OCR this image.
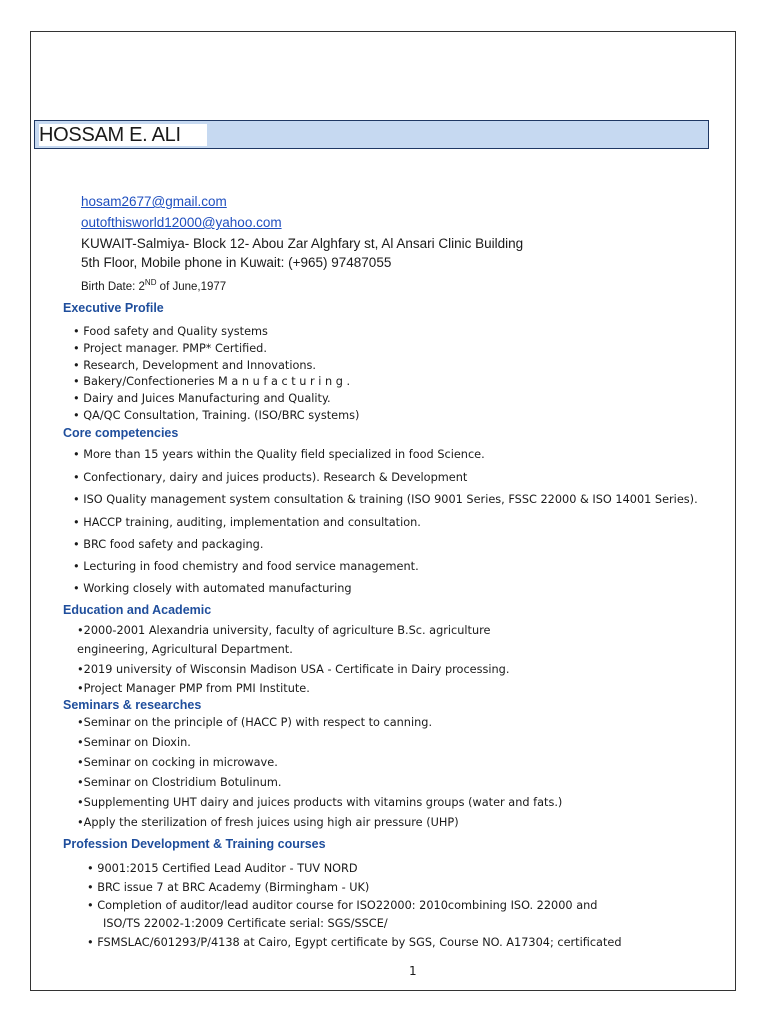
HOSSAM E. ALI
hosam2677@gmail.com
outofthisworld12000@yahoo.com
KUWAIT-Salmiya- Block 12- Abou Zar Alghfary st, Al Ansari Clinic Building
5th Floor, Mobile phone in Kuwait: (+965) 97487055
Birth Date: 2ND of June,1977
Executive Profile
• Food safety and Quality systems
• Project manager. PMP* Certified.
• Research, Development and Innovations.
• Bakery/Confectioneries M a n u f a c t u r i n g .
• Dairy and Juices Manufacturing and Quality.
• QA/QC Consultation, Training. (ISO/BRC systems)
Core competencies
• More than 15 years within the Quality field specialized in food Science.
• Confectionary, dairy and juices products). Research & Development
• ISO Quality management system consultation & training (ISO 9001 Series, FSSC 22000 & ISO 14001 Series).
• HACCP training, auditing, implementation and consultation.
• BRC food safety and packaging.
• Lecturing in food chemistry and food service management.
• Working closely with automated manufacturing
Education and Academic
•2000-2001 Alexandria university, faculty of agriculture B.Sc. agriculture
engineering, Agricultural Department.
•2019 university of Wisconsin Madison USA - Certificate in Dairy processing.
•Project Manager PMP from PMI Institute.
Seminars & researches
•Seminar on the principle of (HACC P) with respect to canning.
•Seminar on Dioxin.
•Seminar on cocking in microwave.
•Seminar on Clostridium Botulinum.
•Supplementing UHT dairy and juices products with vitamins groups (water and fats.)
•Apply the sterilization of fresh juices using high air pressure (UHP)
Profession Development & Training courses
• 9001:2015 Certified Lead Auditor - TUV NORD
• BRC issue 7 at BRC Academy (Birmingham - UK)
• Completion of auditor/lead auditor course for ISO22000: 2010combining ISO. 22000 and
ISO/TS 22002-1:2009 Certificate serial: SGS/SSCE/
• FSMSLAC/601293/P/4138 at Cairo, Egypt certificate by SGS, Course NO. A17304; certificated
1
